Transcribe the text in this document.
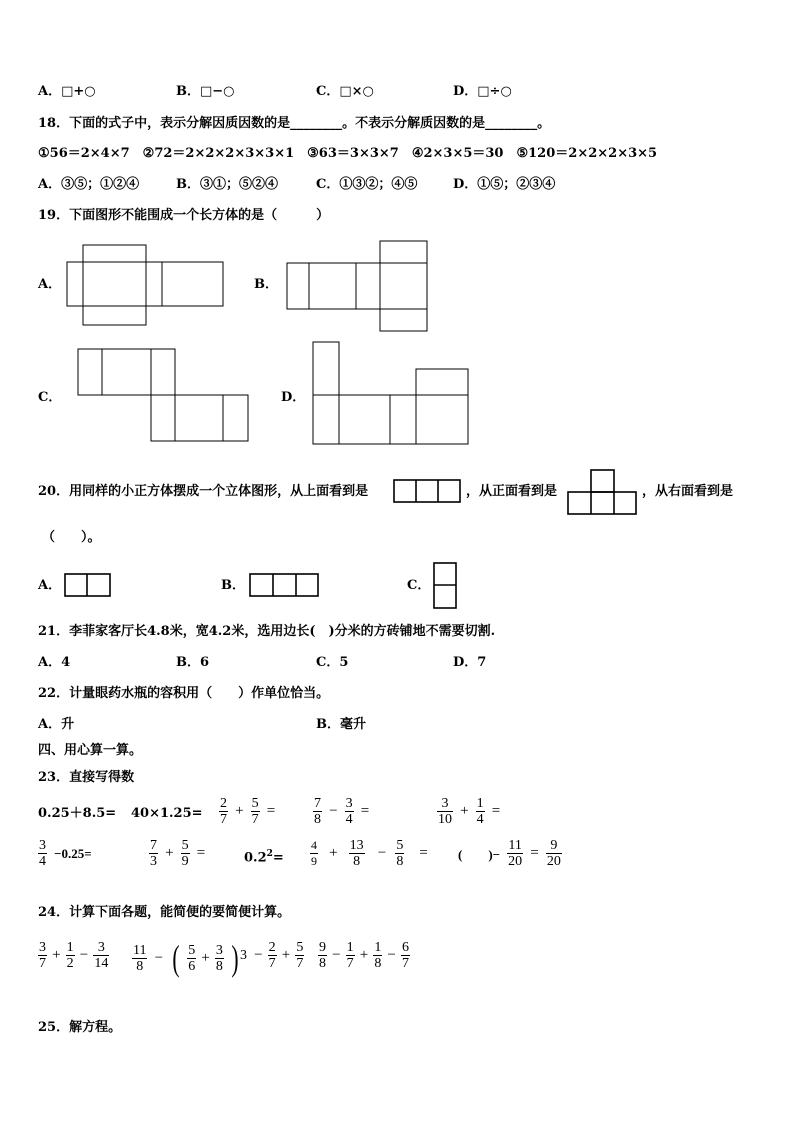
A．□+○	B．□−○	C．□×○	D．□÷○
18．下面的式子中，表示分解因质因数的是________。不表示分解质因数的是________。
①56＝2×4×7　②72＝2×2×2×3×3×1　③63＝3×3×7　④2×3×5＝30　⑤120＝2×2×2×3×5
A．③⑤；①②④	B．③①；⑤②④	C．①③②；④⑤	D．①⑤；②③④
19．下面图形不能围成一个长方体的是（　　　）
A．	B．
C．	D．
20．用同样的小正方体摆成一个立体图形，从上面看到是	，从正面看到是	，从右面看到是
（　　）。
A．	B．	C．
21．李菲家客厅长4.8米，宽4.2米，选用边长(　)分米的方砖铺地不需要切割.
A．4	B．6	C．5	D．7
22．计量眼药水瓶的容积用（　　）作单位恰当。
A．升	B．毫升
四、用心算一算。
23．直接写得数
$0.25+8.5= 40\times 1.25= \frac{2}{7} + \frac{5}{7}$ =	$\frac{7}{8} - \frac{3}{4}$ =	$\frac{3}{10} + \frac{1}{4}$ =
$\frac{3}{4} -0.25=$	$\frac{7}{3} + \frac{5}{9}$ =	$0.2^2= \frac{4}{9} + \frac{13}{8} - \frac{5}{8}$ = (　　)− $\frac{11}{20} = \frac{9}{20}$
24．计算下面各题，能简便的要简便计算。
$\frac{3}{7} + \frac{1}{2} - \frac{3}{14} \frac{11}{8}$ − ( $\frac{5}{6} + \frac{3}{8}$ ) $3 - \frac{2}{7} + \frac{5}{7} \frac{9}{8} - \frac{1}{7} + \frac{1}{8} - \frac{6}{7}$
25．解方程。
